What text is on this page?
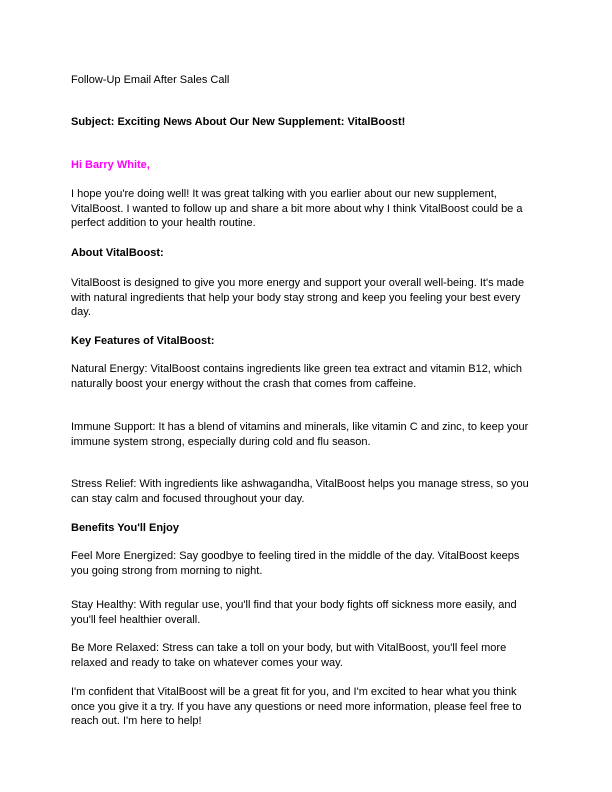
Follow-Up Email After Sales Call
Subject: Exciting News About Our New Supplement: VitalBoost!
Hi Barry White,
I hope you're doing well! It was great talking with you earlier about our new supplement, VitalBoost. I wanted to follow up and share a bit more about why I think VitalBoost could be a perfect addition to your health routine.
About VitalBoost:
VitalBoost is designed to give you more energy and support your overall well-being. It's made with natural ingredients that help your body stay strong and keep you feeling your best every day.
Key Features of VitalBoost:
Natural Energy: VitalBoost contains ingredients like green tea extract and vitamin B12, which naturally boost your energy without the crash that comes from caffeine.
Immune Support: It has a blend of vitamins and minerals, like vitamin C and zinc, to keep your immune system strong, especially during cold and flu season.
Stress Relief: With ingredients like ashwagandha, VitalBoost helps you manage stress, so you can stay calm and focused throughout your day.
Benefits You'll Enjoy
Feel More Energized: Say goodbye to feeling tired in the middle of the day. VitalBoost keeps you going strong from morning to night.
Stay Healthy: With regular use, you'll find that your body fights off sickness more easily, and you'll feel healthier overall.
Be More Relaxed: Stress can take a toll on your body, but with VitalBoost, you'll feel more relaxed and ready to take on whatever comes your way.
I'm confident that VitalBoost will be a great fit for you, and I'm excited to hear what you think once you give it a try. If you have any questions or need more information, please feel free to reach out. I'm here to help!
